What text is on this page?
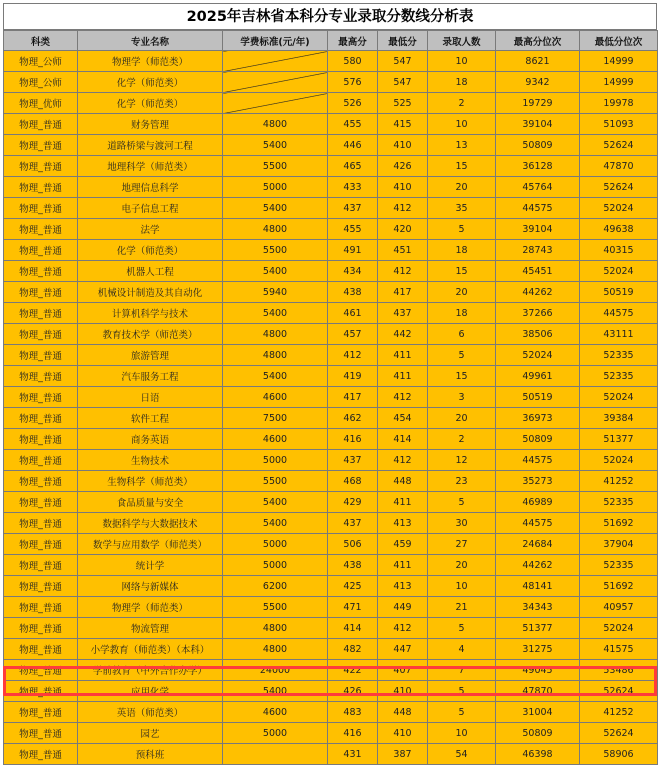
2025年吉林省本科分专业录取分数线分析表
科类	专业名称	学费标准(元/年)	最高分	最低分	录取人数	最高分位次	最低分位次
物理_公师	物理学（师范类）		580	547	10	8621	14999
物理_公师	化学（师范类）		576	547	18	9342	14999
物理_优师	化学（师范类）		526	525	2	19729	19978
物理_普通	财务管理	4800	455	415	10	39104	51093
物理_普通	道路桥梁与渡河工程	5400	446	410	13	50809	52624
物理_普通	地理科学（师范类）	5500	465	426	15	36128	47870
物理_普通	地理信息科学	5000	433	410	20	45764	52624
物理_普通	电子信息工程	5400	437	412	35	44575	52024
物理_普通	法学	4800	455	420	5	39104	49638
物理_普通	化学（师范类）	5500	491	451	18	28743	40315
物理_普通	机器人工程	5400	434	412	15	45451	52024
物理_普通	机械设计制造及其自动化	5940	438	417	20	44262	50519
物理_普通	计算机科学与技术	5400	461	437	18	37266	44575
物理_普通	教育技术学（师范类）	4800	457	442	6	38506	43111
物理_普通	旅游管理	4800	412	411	5	52024	52335
物理_普通	汽车服务工程	5400	419	411	15	49961	52335
物理_普通	日语	4600	417	412	3	50519	52024
物理_普通	软件工程	7500	462	454	20	36973	39384
物理_普通	商务英语	4600	416	414	2	50809	51377
物理_普通	生物技术	5000	437	412	12	44575	52024
物理_普通	生物科学（师范类）	5500	468	448	23	35273	41252
物理_普通	食品质量与安全	5400	429	411	5	46989	52335
物理_普通	数据科学与大数据技术	5400	437	413	30	44575	51692
物理_普通	数学与应用数学（师范类）	5000	506	459	27	24684	37904
物理_普通	统计学	5000	438	411	20	44262	52335
物理_普通	网络与新媒体	6200	425	413	10	48141	51692
物理_普通	物理学（师范类）	5500	471	449	21	34343	40957
物理_普通	物流管理	4800	414	412	5	51377	52024
物理_普通	小学教育（师范类）（本科）	4800	482	447	4	31275	41575
物理_普通	学前教育（中外合作办学）	24000	422	407	7	49045	53486
物理_普通	应用化学	5400	426	410	5	47870	52624
物理_普通	英语（师范类）	4600	483	448	5	31004	41252
物理_普通	园艺	5000	416	410	10	50809	52624
物理_普通	预科班		431	387	54	46398	58906
